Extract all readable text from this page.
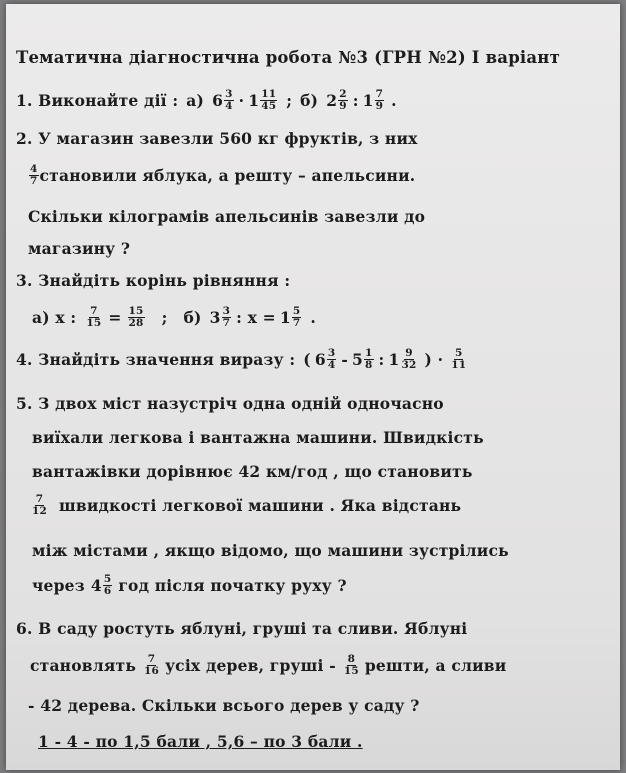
Тематична діагностична робота №3 (ГРН №2) І варіант
1. Виконайте дії : а) $6 \frac{3}{4} \cdot 1 \frac{11}{45}$ ; б) $2 \frac{2}{9}$ : $1 \frac{7}{9}$ .
2. У магазин завезли 560 кг фруктів, з них
$\frac{4}{7}$ становили яблука, а решту – апельсини.
Скільки кілограмів апельсинів завезли до
магазину ?
3. Знайдіть корінь рівняння :
а) х : $\frac{7}{15} = \frac{15}{28}$ ; б) $3 \frac{3}{7}$ : $х = 1 \frac{5}{7}$ .
4. Знайдіть значення виразу : ( $6 \frac{3}{4} - 5 \frac{1}{8}$ : $1 \frac{9}{32}$ ) · $\frac{5}{11}$
5. З двох міст назустріч одна одній одночасно
виїхали легкова і вантажна машини. Швидкість
вантажівки дорівнює 42 км/год , що становить
$\frac{7}{12}$ швидкості легкової машини . Яка відстань
між містами , якщо відомо, що машини зустрілись
через $4 \frac{5}{6}$ год після початку руху ?
6. В саду ростуть яблуні, груші та сливи. Яблуні
становлять $\frac{7}{16}$ усіх дерев, груші - $\frac{8}{15}$ решти, а сливи
- 42 дерева. Скільки всього дерев у саду ?
1 - 4 - по 1,5 бали , 5,6 – по 3 бали .
